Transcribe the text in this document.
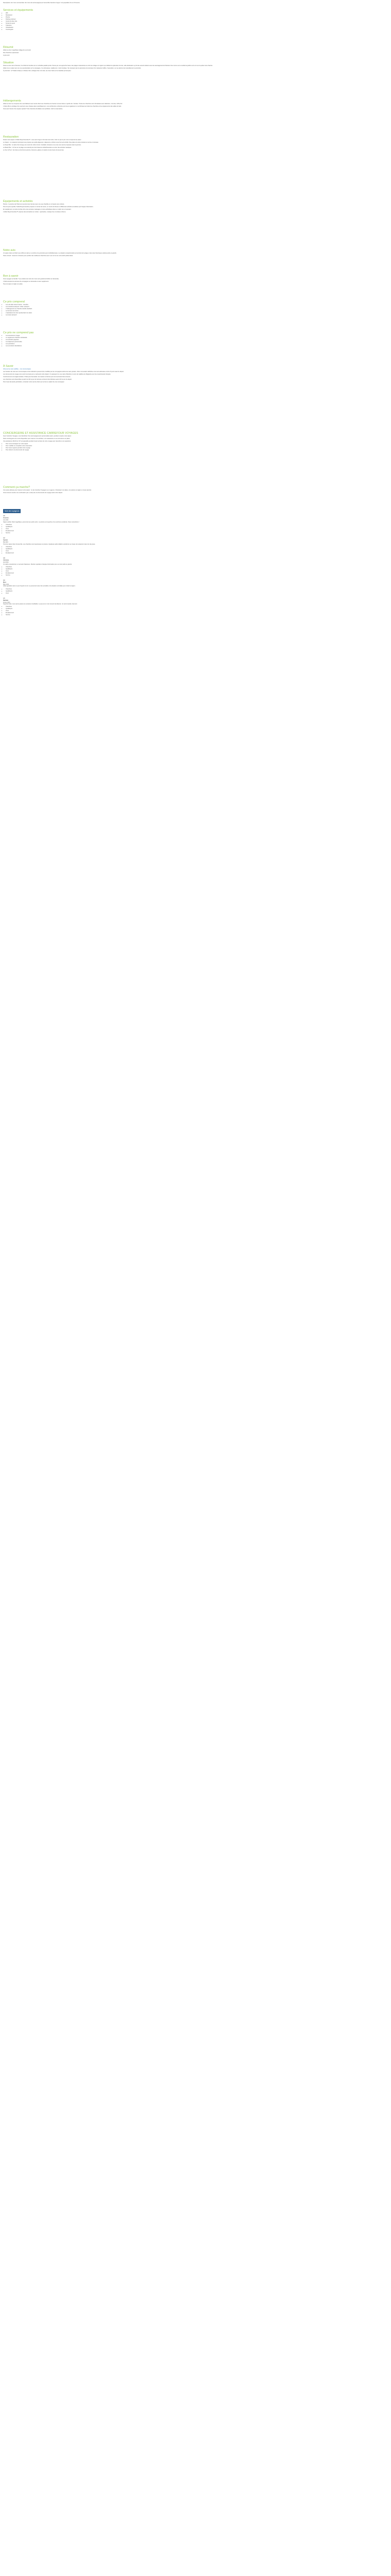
Descriptions: En zone commerciale / En zone très accompagné par l'ensemble Carrefour Lègue / à la population Aix en Provence
Services et équipements
• Wifi
• Restaurant
• Piscine
• Parking extérieur
• Centre de bien être
• Terrain de sport
• Télévision
• Climatisation
• Conciergerie
Résumé

Hôtel au cœur magnifique village de Lourmarin

Des chambres spacieuses

A plus tard

Situation

Situé au cœur de la Toscane, l'ex-hôtel de Gourdes est un véritable paradis perdu. Pensé par une approche haute, des plages restaurantes et entre les villages et régions qui reflètent la splendeur du site, celle destination a pris des accents italiens avec les aménagements d'intérieur très comme et le meublé de jardins et du vin sur la petite route d'accès.

Hôtel mis en valeur par une vue spectaculaire sur la campagne, il se démarque, rapidement, notre boutique. Ne manquez pas le panorama à la terrasse d'un restaurant raffiné, l'exposition, sur sa piscine tout naturellement à proximité.

À proximité : le Théâtre Antique, le Musée d'art, Aubagne bien sûr situé, les vieux bains et les bastides provençaux.

Hébergements

Hôtel au cœur se compose d'un seul bâtiment avec accès direct aux chambres de l'ancien couvent dans un jardin de 1 hectare. Toutes les chambres sont climatisées avec télévision, mini-bar, coffre-fort.

L'hôtel offre le privilège d'un parcours sous chaque pièce spécifiquement, une architecture cohérente qui trouve également un enrichissement dans les chambres et les équipements des salles de bain.

Vous avez besoin d'un espace spécial ? Nos chambres familiales sont parfaites. (Voir la réservation).

Restauration

Durant votre séjour à l'Hôtel Royal Gourdes 5*, vous serez logé en formule tout inclus. Voici ce que le prix vous comprend sur place :

Le Saison : le restaurant principal vous propose ses petits-déjeuners, déjeuners et dîners sous forme de buffet. Des plats à la carte cuisinés et servis en terrasse.

Le Royal Bar : le café et bar lounge est ouvert de midi à minuit. Cocktails, boissons et en-cas vous seront proposés toute la journée.

Le Beach Bar : Un bar sur la plage vous attend pour des boissons rafraîchissantes au cœur des activités nautiques.

Le Sun & Pool : bar situé au bord de la piscine, boissons, glaces et snacks à toute heure de la journée.

Équipements et activités

Piscine : la piscine de l'hôtel est ouverte toute l'année avec une eau chauffée et un bassin pour enfants.

Pour les plus sportifs, l'Hôtel Royal Gourdes propose un terrain de tennis, un centre de fitness et différentes activités encadrées par l'équipe d'animation.

En supplément, le centre de bien-être vous propose massages et soins esthétiques dans un cadre zen et reposant.

L'Hôtel Royal Gourdes 5* propose des animations en soirée : spectacles, musique live et soirées à thème.

Notre avis

Un séjour dans cet hôtel vous offrira le calme, le confort et la proximité avec la Méditerranée. La situation exceptionnelle à proximité de la plage et des sites historiques séduira petits et grands.

Notre conseil : réservez à l'avance pour profiter des meilleures chambres avec vue sur la mer et de tarifs préférentiels.

Bon à savoir

Vous voyagez en famille ? Les enfants de moins de 2 ans sont gratuits (lit bébé sur demande).

L'hôtel accepte les animaux de compagnie sur demande et avec supplément.

Taxe de séjour à régler sur place.

Ce prix comprend
• Les vols aller-retour France - Gourdes
• Les transferts aéroport / hôtel / aéroport
• L'hébergement en chambre double standard
• La formule tout inclus
• L'assistance de notre représentant sur place
• Les taxes aéroport
Ce prix ne comprend pas
• Les assurances voyage
• Le supplément chambre individuelle
• Les activités payantes
• Les dépenses personnelles
• Les pourboires
• Les excursions facultatives
À Savoir

Infos sur les vols modifiés... non communiqués

Les horaires de vols sont communiqués à titre indicatif et peuvent être modifiés par les compagnies aériennes sans préavis. Votre convocation définitive vous sera adressée environ 8 jours avant le départ.

Les documents de voyage vous seront envoyés par e-mail avant votre départ. Un passeport ou une carte d'identité en cours de validité est obligatoire pour les ressortissants français.

Conformément à la réglementation, l'hôtel peut demander une caution à l'arrivée pour les éventuels frais annexes.

Les chambres sont disponibles à partir de 14h le jour de l'arrivée et doivent être libérées avant 12h le jour du départ.

Pour toute demande particulière, contactez notre service client qui se fera un plaisir de vous renseigner.

CONCIERGERIE ET ASSISTANCE CARREFOUR VOYAGES

Avec Carrefour Voyages, vous bénéficiez d'un accompagnement personnalisé avant, pendant et après votre séjour.

Notre conciergerie est à votre disposition pour réserver vos activités, vos restaurants et vos excursions sur place.

Une assistance 24h/24 et 7j/7 est joignable pendant toute la durée de votre voyage pour répondre à vos questions.

• Pour vous renseigner sur votre séjour
• Pour modifier ou compléter votre réservation
• Pour toute urgence pendant votre voyage
• Pour obtenir vos documents de voyage
Comment ça marche?

Une seule adresse pour réserver votre séjour : le site Carrefour Voyages ou en agence. Choisissez vos dates, vos options et réglez en toute sécurité.

Vous recevez ensuite une confirmation par e-mail puis vos documents de voyage avant votre départ.

Note des voyageurs
4,6
Francine
Juin 2024

Séjour parfait, hôtel magnifique, personnel aux petits soins. La piscine est superbe et la nourriture excellente. Nous reviendrons !

• Chambres
• Qualité/prix
• Lieux
• Emplacement
• Service
4,2
Sylvain
Mai 2024

Très bon séjour dans l'ensemble. Les chambres sont spacieuses et propres. Quelques petits détails à améliorer au niveau du restaurant mais rien de grave.

• Chambres
• Qualité/prix
• Lieux
• Emplacement
4,8
Christine
Avril 2024

Un cadre exceptionnel, un accueil chaleureux. Mention spéciale à l'équipe d'animation qui a su ravir petits et grands.

• Chambres
• Qualité/prix
• Lieux
• Emplacement
• Service
3,9
Marc
Mars 2024

Hôtel agréable mais un peu bruyant le soir. Le personnel reste très serviable et la situation est idéale pour visiter la région.

• Chambres
• Qualité/prix
• Lieux
4,5
Nathalie
Février 2024

Superbe hôtel, nous avons passé une semaine inoubliable. Le spa est un vrai moment de détente. Je recommande vivement.

• Chambres
• Qualité/prix
• Lieux
• Emplacement
• Service
